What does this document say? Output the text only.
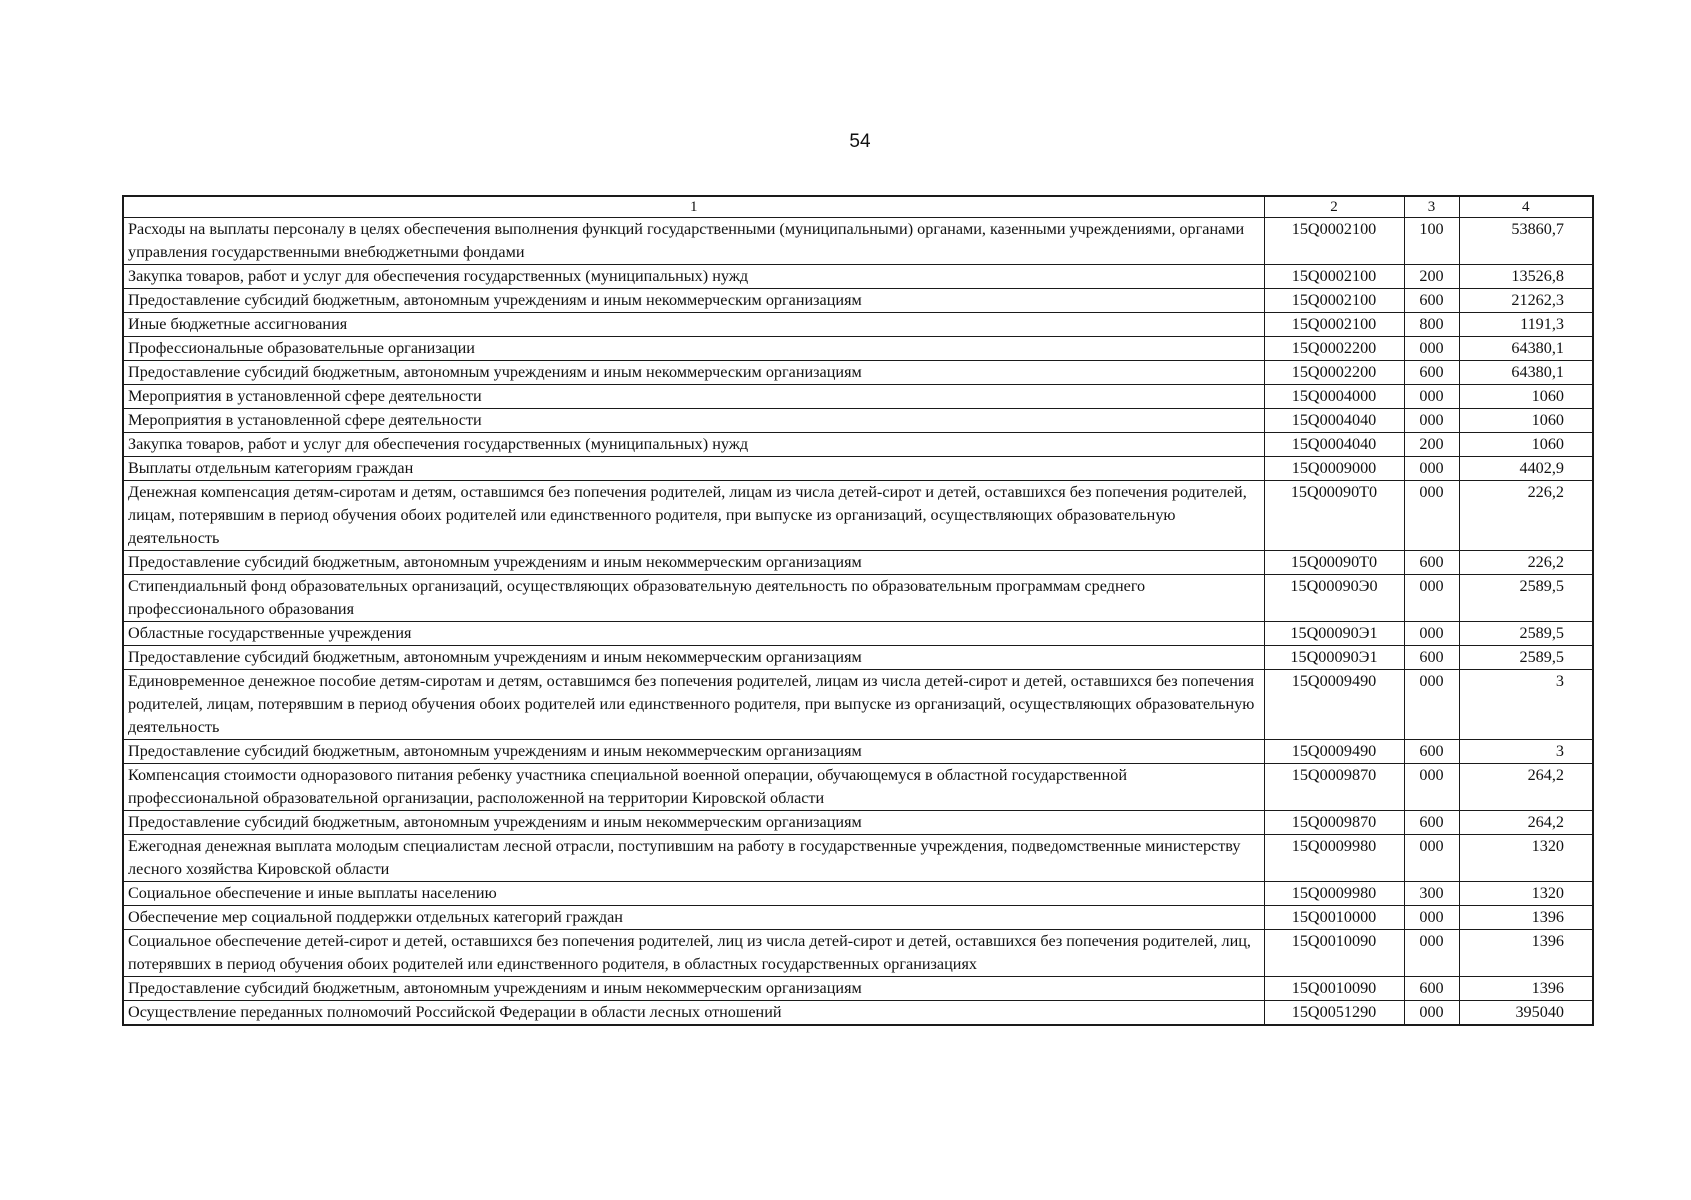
54
1	2	3	4
Расходы на выплаты персоналу в целях обеспечения выполнения функций государственными (муниципальными) органами, казенными учреждениями, органами управления государственными внебюджетными фондами	15Q0002100	100	53860,7
Закупка товаров, работ и услуг для обеспечения государственных (муниципальных) нужд	15Q0002100	200	13526,8
Предоставление субсидий бюджетным, автономным учреждениям и иным некоммерческим организациям	15Q0002100	600	21262,3
Иные бюджетные ассигнования	15Q0002100	800	1191,3
Профессиональные образовательные организации	15Q0002200	000	64380,1
Предоставление субсидий бюджетным, автономным учреждениям и иным некоммерческим организациям	15Q0002200	600	64380,1
Мероприятия в установленной сфере деятельности	15Q0004000	000	1060
Мероприятия в установленной сфере деятельности	15Q0004040	000	1060
Закупка товаров, работ и услуг для обеспечения государственных (муниципальных) нужд	15Q0004040	200	1060
Выплаты отдельным категориям граждан	15Q0009000	000	4402,9
Денежная компенсация детям-сиротам и детям, оставшимся без попечения родителей, лицам из числа детей-сирот и детей, оставшихся без попечения родителей, лицам, потерявшим в период обучения обоих родителей или единственного родителя, при выпуске из организаций, осуществляющих образовательную деятельность	15Q00090Т0	000	226,2
Предоставление субсидий бюджетным, автономным учреждениям и иным некоммерческим организациям	15Q00090Т0	600	226,2
Стипендиальный фонд образовательных организаций, осуществляющих образовательную деятельность по образовательным программам среднего профессионального образования	15Q00090Э0	000	2589,5
Областные государственные учреждения	15Q00090Э1	000	2589,5
Предоставление субсидий бюджетным, автономным учреждениям и иным некоммерческим организациям	15Q00090Э1	600	2589,5
Единовременное денежное пособие детям-сиротам и детям, оставшимся без попечения родителей, лицам из числа детей-сирот и детей, оставшихся без попечения родителей, лицам, потерявшим в период обучения обоих родителей или единственного родителя, при выпуске из организаций, осуществляющих образовательную деятельность	15Q0009490	000	3
Предоставление субсидий бюджетным, автономным учреждениям и иным некоммерческим организациям	15Q0009490	600	3
Компенсация стоимости одноразового питания ребенку участника специальной военной операции, обучающемуся в областной государственной профессиональной образовательной организации, расположенной на территории Кировской области	15Q0009870	000	264,2
Предоставление субсидий бюджетным, автономным учреждениям и иным некоммерческим организациям	15Q0009870	600	264,2
Ежегодная денежная выплата молодым специалистам лесной отрасли, поступившим на работу в государственные учреждения, подведомственные министерству лесного хозяйства Кировской области	15Q0009980	000	1320
Социальное обеспечение и иные выплаты населению	15Q0009980	300	1320
Обеспечение мер социальной поддержки отдельных категорий граждан	15Q0010000	000	1396
Социальное обеспечение детей-сирот и детей, оставшихся без попечения родителей, лиц из числа детей-сирот и детей, оставшихся без попечения родителей, лиц, потерявших в период обучения обоих родителей или единственного родителя, в областных государственных организациях	15Q0010090	000	1396
Предоставление субсидий бюджетным, автономным учреждениям и иным некоммерческим организациям	15Q0010090	600	1396
Осуществление переданных полномочий Российской Федерации в области лесных отношений	15Q0051290	000	395040
